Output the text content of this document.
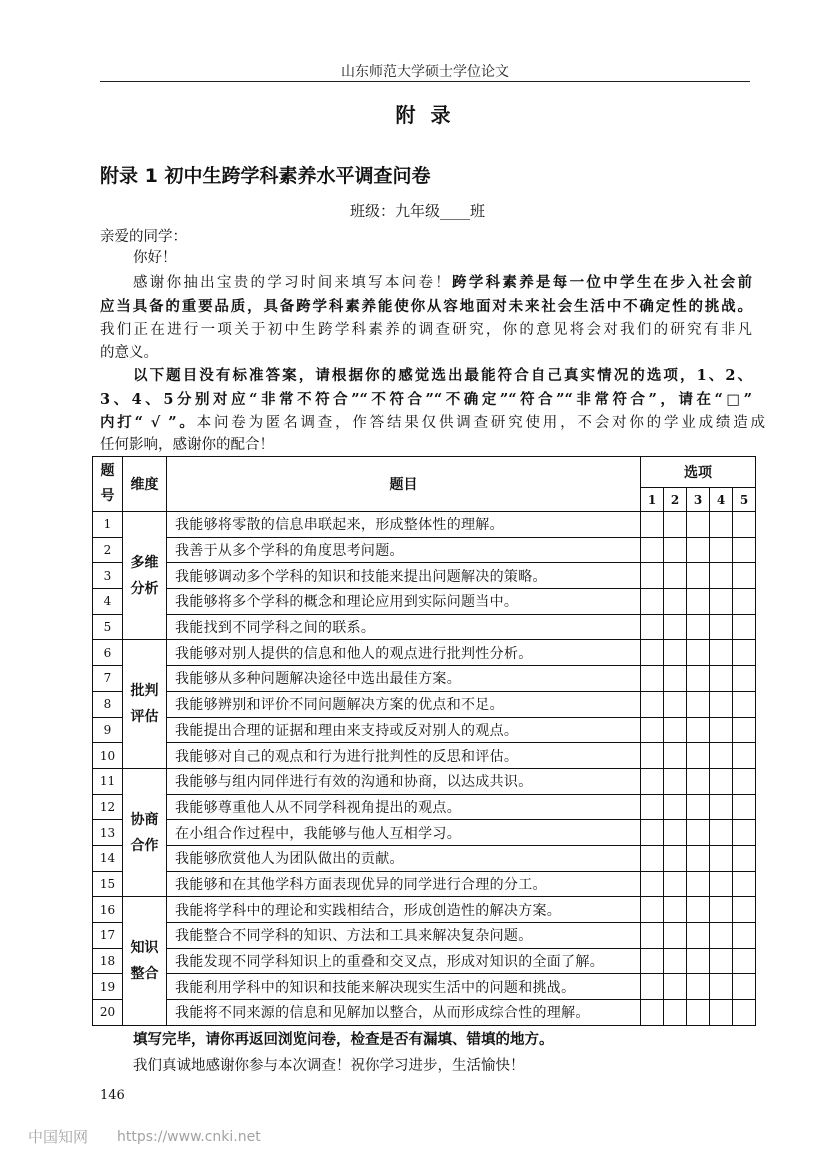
山东师范大学硕士学位论文
附 录
附录 1 初中生跨学科素养水平调查问卷
班级：九年级____班
亲爱的同学：
你好！
感谢你抽出宝贵的学习时间来填写本问卷！跨学科素养是每一位中学生在步入社会前
应当具备的重要品质，具备跨学科素养能使你从容地面对未来社会生活中不确定性的挑战。
我们正在进行一项关于初中生跨学科素养的调查研究，你的意见将会对我们的研究有非凡
的意义。
以下题目没有标准答案，请根据你的感觉选出最能符合自己真实情况的选项，1、2、
3、4、5分别对应“非常不符合”“不符合”“不确定”“符合”“非常符合”，请在“□”
内打“ √ ”。本问卷为匿名调查，作答结果仅供调查研究使用，不会对你的学业成绩造成
任何影响，感谢你的配合！
题号	维度	题目	选项				
			1	2	3	4	5
1	多维分析	我能够将零散的信息串联起来，形成整体性的理解。					
2		我善于从多个学科的角度思考问题。					
3		我能够调动多个学科的知识和技能来提出问题解决的策略。					
4		我能够将多个学科的概念和理论应用到实际问题当中。					
5		我能找到不同学科之间的联系。					
6	批判评估	我能够对别人提供的信息和他人的观点进行批判性分析。					
7		我能够从多种问题解决途径中选出最佳方案。					
8		我能够辨别和评价不同问题解决方案的优点和不足。					
9		我能提出合理的证据和理由来支持或反对别人的观点。					
10		我能够对自己的观点和行为进行批判性的反思和评估。					
11	协商合作	我能够与组内同伴进行有效的沟通和协商，以达成共识。					
12		我能够尊重他人从不同学科视角提出的观点。					
13		在小组合作过程中，我能够与他人互相学习。					
14		我能够欣赏他人为团队做出的贡献。					
15		我能够和在其他学科方面表现优异的同学进行合理的分工。					
16	知识整合	我能将学科中的理论和实践相结合，形成创造性的解决方案。					
17		我能整合不同学科的知识、方法和工具来解决复杂问题。					
18		我能发现不同学科知识上的重叠和交叉点，形成对知识的全面了解。					
19		我能利用学科中的知识和技能来解决现实生活中的问题和挑战。					
20		我能将不同来源的信息和见解加以整合，从而形成综合性的理解。					
填写完毕，请你再返回浏览问卷，检查是否有漏填、错填的地方。
我们真诚地感谢你参与本次调查！祝你学习进步，生活愉快！
146
中国知网 https://www.cnki.net
